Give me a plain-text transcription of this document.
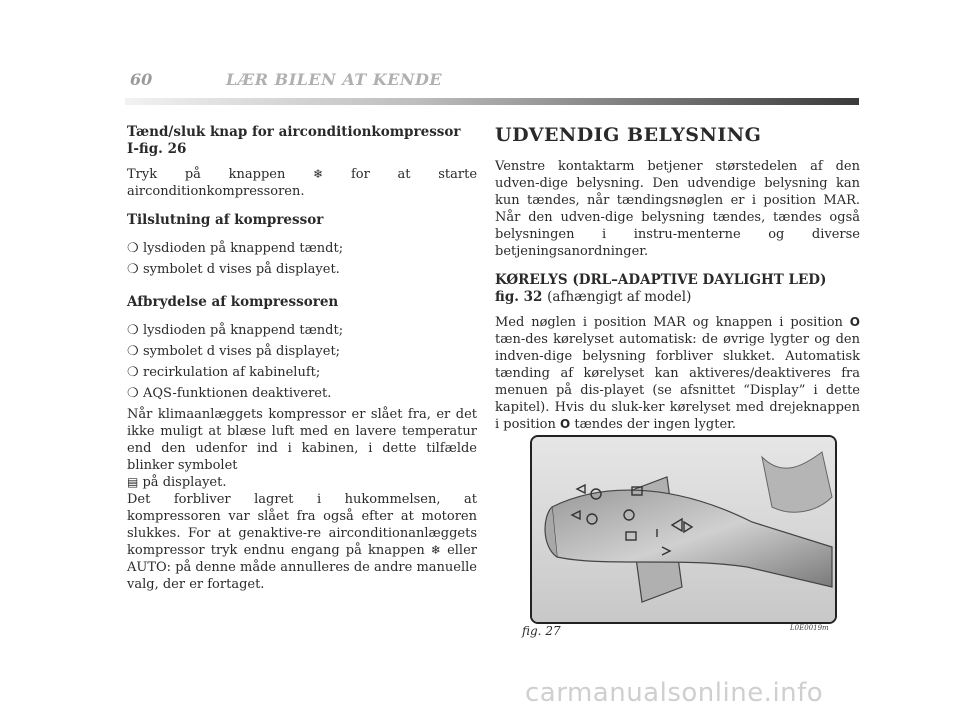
60	LÆR BILEN AT KENDE

Tænd/sluk knap for airconditionkompressor
I-fig. 26

Tryk på knappen ❄ for at starte airconditionkompressoren.

Tilslutning af kompressor

❍ lysdioden på knappend tændt;
❍ symbolet d vises på displayet.

Afbrydelse af kompressoren

❍ lysdioden på knappend tændt;
❍ symbolet d vises på displayet;
❍ recirkulation af kabineluft;
❍ AQS-funktionen deaktiveret.

Når klimaanlæggets kompressor er slået fra, er det ikke muligt at blæse luft med en lavere temperatur end den udenfor ind i kabinen, i dette tilfælde blinker symbolet
▤ på displayet.

Det forbliver lagret i hukommelsen, at kompressoren var slået fra også efter at motoren slukkes. For at genaktive-re airconditionanlæggets kompressor tryk endnu engang på knappen ❄ eller AUTO: på denne måde annulleres de andre manuelle valg, der er fortaget.

UDVENDIG BELYSNING

Venstre kontaktarm betjener størstedelen af den udven-dige belysning. Den udvendige belysning kan kun tændes, når tændingsnøglen er i position MAR. Når den udven-dige belysning tændes, tændes også belysningen i instru-menterne og diverse betjeningsanordninger.

KØRELYS (DRL–ADAPTIVE DAYLIGHT LED)
fig. 32 (afhængigt af model)

Med nøglen i position MAR og knappen i position O tæn-des kørelyset automatisk: de øvrige lygter og den indven-dige belysning forbliver slukket. Automatisk tænding af kørelyset kan aktiveres/deaktiveres fra menuen på dis-playet (se afsnittet “Display” i dette kapitel). Hvis du sluk-ker kørelyset med drejeknappen i position O tændes der ingen lygter.

fig. 27	L0E0019m
carmanualsonline.info
